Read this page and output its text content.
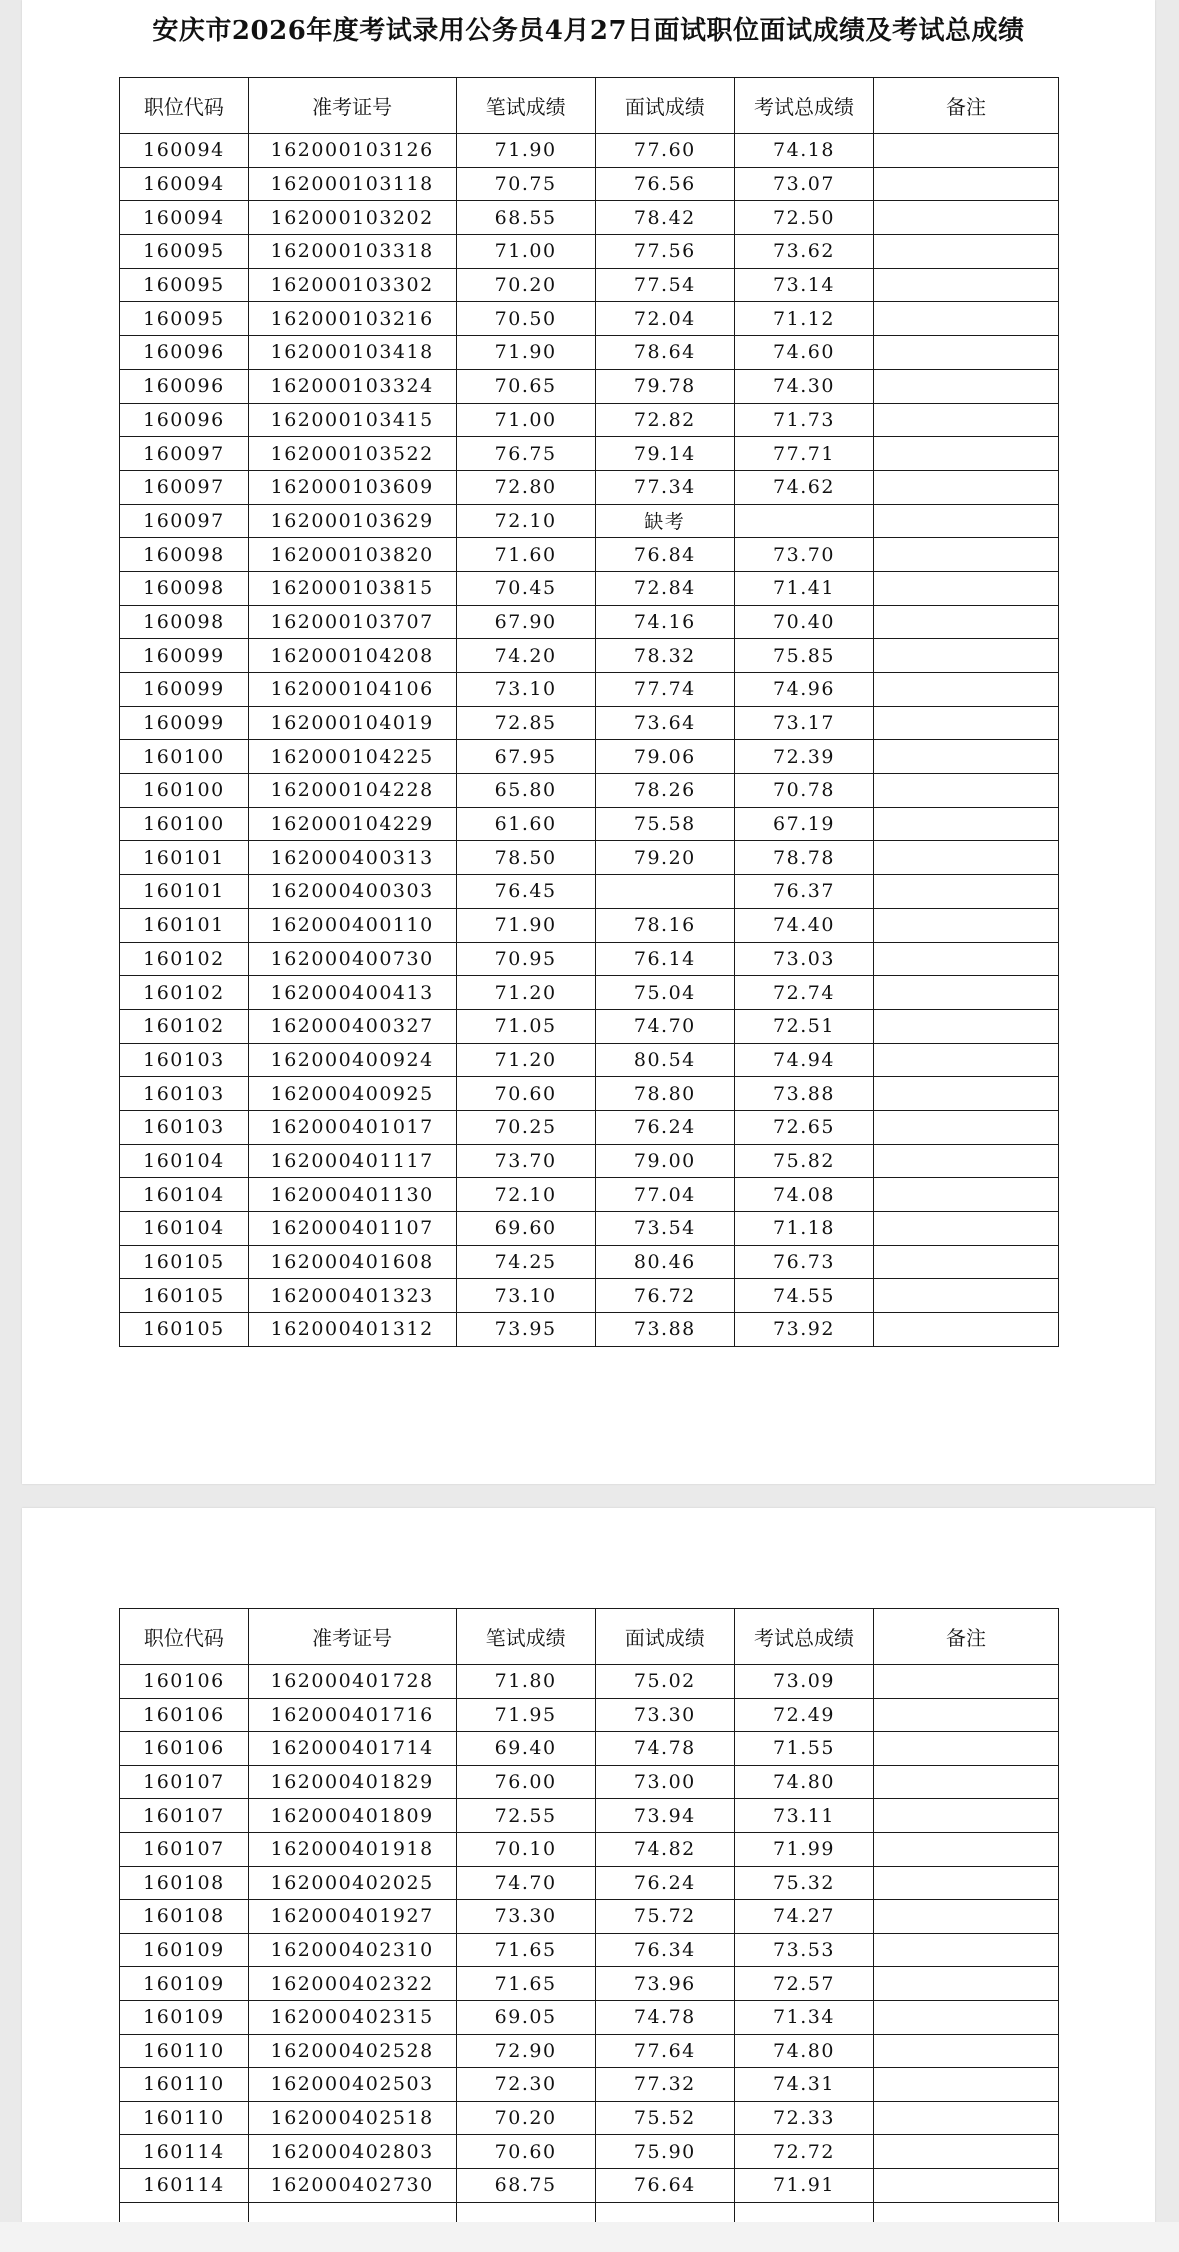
安庆市2026年度考试录用公务员4月27日面试职位面试成绩及考试总成绩
职位代码	准考证号	笔试成绩	面试成绩	考试总成绩	备注
160094	162000103126	71.90	77.60	74.18	
160094	162000103118	70.75	76.56	73.07	
160094	162000103202	68.55	78.42	72.50	
160095	162000103318	71.00	77.56	73.62	
160095	162000103302	70.20	77.54	73.14	
160095	162000103216	70.50	72.04	71.12	
160096	162000103418	71.90	78.64	74.60	
160096	162000103324	70.65	79.78	74.30	
160096	162000103415	71.00	72.82	71.73	
160097	162000103522	76.75	79.14	77.71	
160097	162000103609	72.80	77.34	74.62	
160097	162000103629	72.10	缺考		
160098	162000103820	71.60	76.84	73.70	
160098	162000103815	70.45	72.84	71.41	
160098	162000103707	67.90	74.16	70.40	
160099	162000104208	74.20	78.32	75.85	
160099	162000104106	73.10	77.74	74.96	
160099	162000104019	72.85	73.64	73.17	
160100	162000104225	67.95	79.06	72.39	
160100	162000104228	65.80	78.26	70.78	
160100	162000104229	61.60	75.58	67.19	
160101	162000400313	78.50	79.20	78.78	
160101	162000400303	76.45		76.37	
160101	162000400110	71.90	78.16	74.40	
160102	162000400730	70.95	76.14	73.03	
160102	162000400413	71.20	75.04	72.74	
160102	162000400327	71.05	74.70	72.51	
160103	162000400924	71.20	80.54	74.94	
160103	162000400925	70.60	78.80	73.88	
160103	162000401017	70.25	76.24	72.65	
160104	162000401117	73.70	79.00	75.82	
160104	162000401130	72.10	77.04	74.08	
160104	162000401107	69.60	73.54	71.18	
160105	162000401608	74.25	80.46	76.73	
160105	162000401323	73.10	76.72	74.55	
160105	162000401312	73.95	73.88	73.92	
职位代码	准考证号	笔试成绩	面试成绩	考试总成绩	备注
160106	162000401728	71.80	75.02	73.09	
160106	162000401716	71.95	73.30	72.49	
160106	162000401714	69.40	74.78	71.55	
160107	162000401829	76.00	73.00	74.80	
160107	162000401809	72.55	73.94	73.11	
160107	162000401918	70.10	74.82	71.99	
160108	162000402025	74.70	76.24	75.32	
160108	162000401927	73.30	75.72	74.27	
160109	162000402310	71.65	76.34	73.53	
160109	162000402322	71.65	73.96	72.57	
160109	162000402315	69.05	74.78	71.34	
160110	162000402528	72.90	77.64	74.80	
160110	162000402503	72.30	77.32	74.31	
160110	162000402518	70.20	75.52	72.33	
160114	162000402803	70.60	75.90	72.72	
160114	162000402730	68.75	76.64	71.91	
